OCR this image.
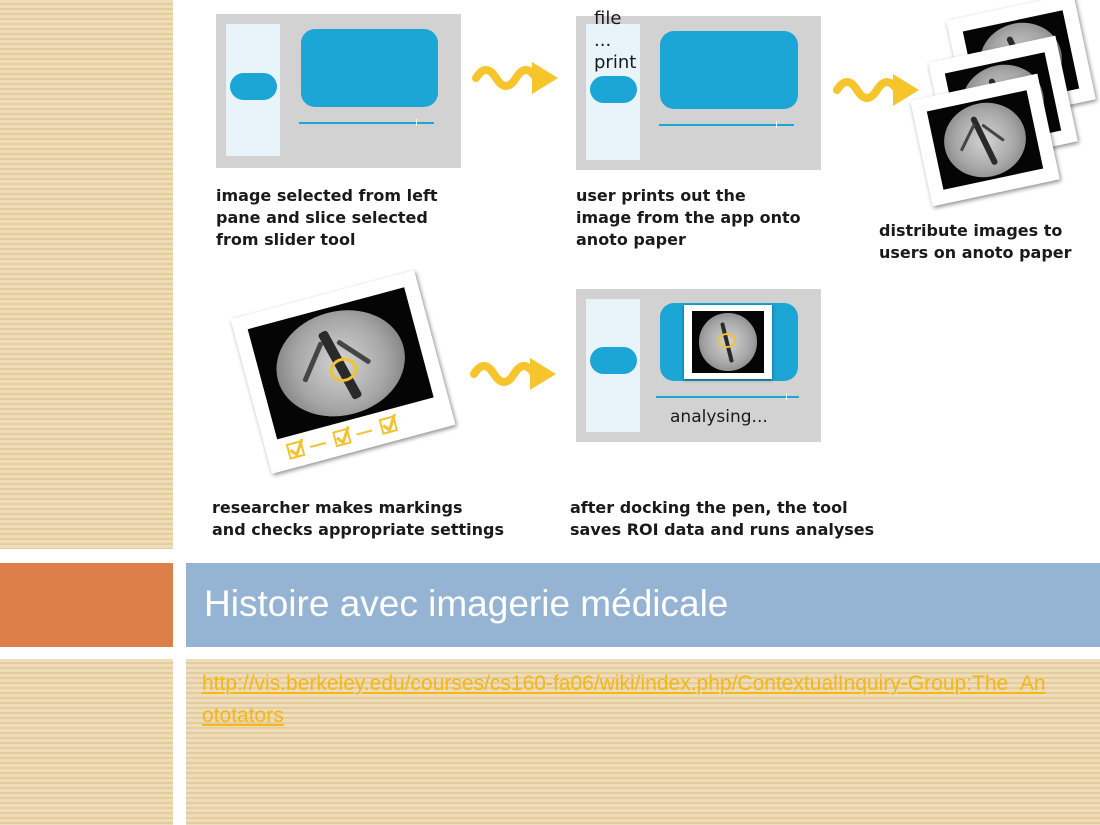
image selected from left
pane and slice selected
from slider tool
file
...
print
user prints out the
image from the app onto
anoto paper	distribute images to
users on anoto paper
researcher makes markings
and checks appropriate settings
analysing...
after docking the pen, the tool
saves ROI data and runs analyses
Histoire avec imagerie médicale
http://vis.berkeley.edu/courses/cs160-fa06/wiki/index.php/ContextualInquiry-Group:The_Anototators
